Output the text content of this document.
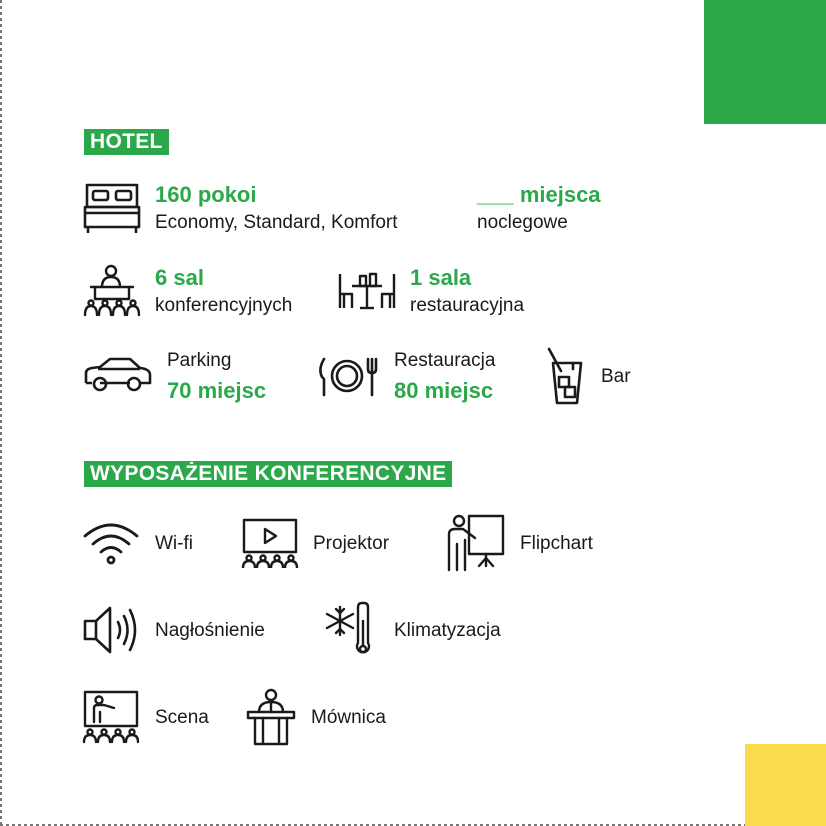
HOTEL
160 pokoi
Economy, Standard, Komfort
___ miejsca
noclegowe
6 sal
konferencyjnych
1 sala
restauracyjna
Parking
70 miejsc
Restauracja
80 miejsc
Bar
WYPOSAŻENIE KONFERENCYJNE
Wi-fi	Projektor	Flipchart
Nagłośnienie	Klimatyzacja
Scena	Mównica
